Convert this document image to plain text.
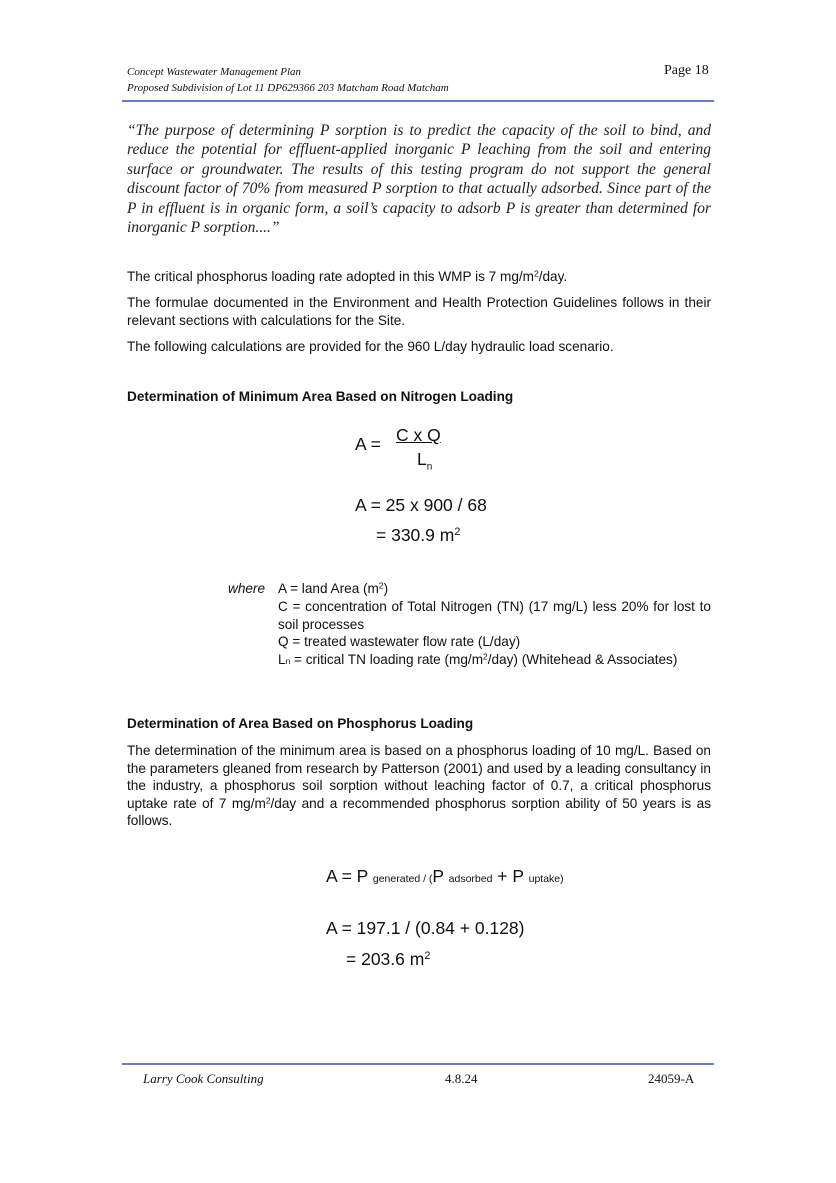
Concept Wastewater Management Plan
Proposed Subdivision of Lot 11 DP629366 203 Matcham Road Matcham
Page 18
“The purpose of determining P sorption is to predict the capacity of the soil to bind, and reduce the potential for effluent-applied inorganic P leaching from the soil and entering surface or groundwater. The results of this testing program do not support the general discount factor of 70% from measured P sorption to that actually adsorbed. Since part of the P in effluent is in organic form, a soil’s capacity to adsorb P is greater than determined for inorganic P sorption....”
The critical phosphorus loading rate adopted in this WMP is 7 $mg/m^2$/day.
The formulae documented in the Environment and Health Protection Guidelines follows in their relevant sections with calculations for the Site.
The following calculations are provided for the 960 L/day hydraulic load scenario.
Determination of Minimum Area Based on Nitrogen Loading
A = C x Q
$L_n$
A = 25 x 900 / 68
= 330.9 $m^2$
where A = land Area $(m^2)$
C = concentration of Total Nitrogen (TN) (17 mg/L) less 20% for lost to soil processes
Q = treated wastewater flow rate (L/day)
Ln = critical TN loading rate $(mg/m^2/day)$ (Whitehead & Associates)
Determination of Area Based on Phosphorus Loading
The determination of the minimum area is based on a phosphorus loading of 10 mg/L. Based on the parameters gleaned from research by Patterson (2001) and used by a leading consultancy in the industry, a phosphorus soil sorption without leaching factor of 0.7, a critical phosphorus uptake rate of 7 $mg/m^2$/day and a recommended phosphorus sorption ability of 50 years is as follows.
A = P generated / (P adsorbed + P uptake)
A = 197.1 / (0.84 + 0.128)
= 203.6 $m^2$
Larry Cook Consulting	4.8.24	24059-A
